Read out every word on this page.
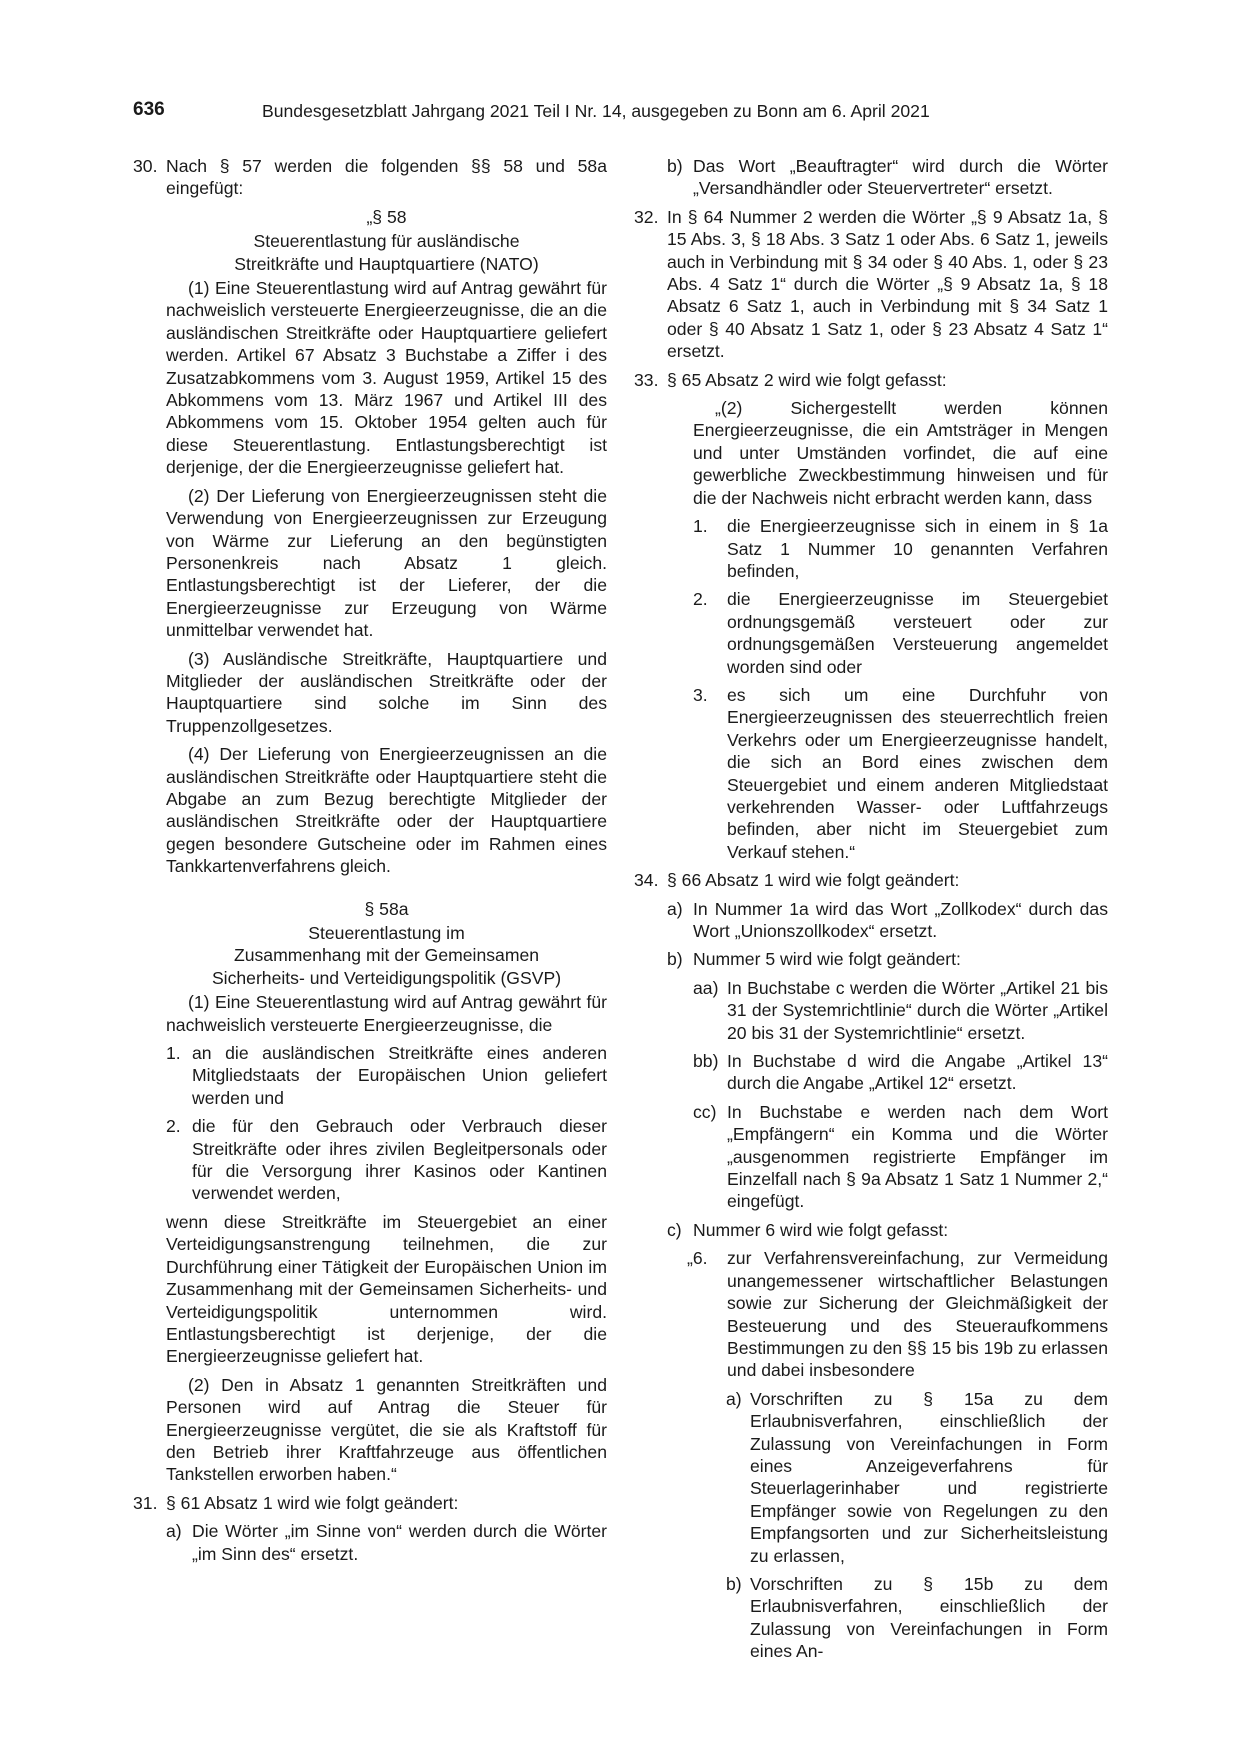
636	Bundesgesetzblatt Jahrgang 2021 Teil I Nr. 14, ausgegeben zu Bonn am 6. April 2021
30. Nach § 57 werden die folgenden §§ 58 und 58a eingefügt:
„§ 58
Steuerentlastung für ausländische
Streitkräfte und Hauptquartiere (NATO)
(1) Eine Steuerentlastung wird auf Antrag gewährt für nachweislich versteuerte Energieerzeugnisse, die an die ausländischen Streitkräfte oder Hauptquartiere geliefert werden. Artikel 67 Absatz 3 Buchstabe a Ziffer i des Zusatzabkommens vom 3. August 1959, Artikel 15 des Abkommens vom 13. März 1967 und Artikel III des Abkommens vom 15. Oktober 1954 gelten auch für diese Steuerentlastung. Entlastungsberechtigt ist derjenige, der die Energieerzeugnisse geliefert hat.
(2) Der Lieferung von Energieerzeugnissen steht die Verwendung von Energieerzeugnissen zur Erzeugung von Wärme zur Lieferung an den begünstigten Personenkreis nach Absatz 1 gleich. Entlastungsberechtigt ist der Lieferer, der die Energieerzeugnisse zur Erzeugung von Wärme unmittelbar verwendet hat.
(3) Ausländische Streitkräfte, Hauptquartiere und Mitglieder der ausländischen Streitkräfte oder der Hauptquartiere sind solche im Sinn des Truppenzollgesetzes.
(4) Der Lieferung von Energieerzeugnissen an die ausländischen Streitkräfte oder Hauptquartiere steht die Abgabe an zum Bezug berechtigte Mitglieder der ausländischen Streitkräfte oder der Hauptquartiere gegen besondere Gutscheine oder im Rahmen eines Tankkartenverfahrens gleich.
§ 58a
Steuerentlastung im
Zusammenhang mit der Gemeinsamen
Sicherheits- und Verteidigungspolitik (GSVP)
(1) Eine Steuerentlastung wird auf Antrag gewährt für nachweislich versteuerte Energieerzeugnisse, die
1. an die ausländischen Streitkräfte eines anderen Mitgliedstaats der Europäischen Union geliefert werden und
2. die für den Gebrauch oder Verbrauch dieser Streitkräfte oder ihres zivilen Begleitpersonals oder für die Versorgung ihrer Kasinos oder Kantinen verwendet werden,
wenn diese Streitkräfte im Steuergebiet an einer Verteidigungsanstrengung teilnehmen, die zur Durchführung einer Tätigkeit der Europäischen Union im Zusammenhang mit der Gemeinsamen Sicherheits- und Verteidigungspolitik unternommen wird. Entlastungsberechtigt ist derjenige, der die Energieerzeugnisse geliefert hat.
(2) Den in Absatz 1 genannten Streitkräften und Personen wird auf Antrag die Steuer für Energieerzeugnisse vergütet, die sie als Kraftstoff für den Betrieb ihrer Kraftfahrzeuge aus öffentlichen Tankstellen erworben haben.“
31. § 61 Absatz 1 wird wie folgt geändert:
a) Die Wörter „im Sinne von“ werden durch die Wörter „im Sinn des“ ersetzt.
b) Das Wort „Beauftragter“ wird durch die Wörter „Versandhändler oder Steuervertreter“ ersetzt.
32. In § 64 Nummer 2 werden die Wörter „§ 9 Absatz 1a, § 15 Abs. 3, § 18 Abs. 3 Satz 1 oder Abs. 6 Satz 1, jeweils auch in Verbindung mit § 34 oder § 40 Abs. 1, oder § 23 Abs. 4 Satz 1“ durch die Wörter „§ 9 Absatz 1a, § 18 Absatz 6 Satz 1, auch in Verbindung mit § 34 Satz 1 oder § 40 Absatz 1 Satz 1, oder § 23 Absatz 4 Satz 1“ ersetzt.
33. § 65 Absatz 2 wird wie folgt gefasst:
„(2) Sichergestellt werden können Energieerzeugnisse, die ein Amtsträger in Mengen und unter Umständen vorfindet, die auf eine gewerbliche Zweckbestimmung hinweisen und für die der Nachweis nicht erbracht werden kann, dass
1. die Energieerzeugnisse sich in einem in § 1a Satz 1 Nummer 10 genannten Verfahren befinden,
2. die Energieerzeugnisse im Steuergebiet ordnungsgemäß versteuert oder zur ordnungsgemäßen Versteuerung angemeldet worden sind oder
3. es sich um eine Durchfuhr von Energieerzeugnissen des steuerrechtlich freien Verkehrs oder um Energieerzeugnisse handelt, die sich an Bord eines zwischen dem Steuergebiet und einem anderen Mitgliedstaat verkehrenden Wasser- oder Luftfahrzeugs befinden, aber nicht im Steuergebiet zum Verkauf stehen.“
34. § 66 Absatz 1 wird wie folgt geändert:
a) In Nummer 1a wird das Wort „Zollkodex“ durch das Wort „Unionszollkodex“ ersetzt.
b) Nummer 5 wird wie folgt geändert:
aa) In Buchstabe c werden die Wörter „Artikel 21 bis 31 der Systemrichtlinie“ durch die Wörter „Artikel 20 bis 31 der Systemrichtlinie“ ersetzt.
bb) In Buchstabe d wird die Angabe „Artikel 13“ durch die Angabe „Artikel 12“ ersetzt.
cc) In Buchstabe e werden nach dem Wort „Empfängern“ ein Komma und die Wörter „ausgenommen registrierte Empfänger im Einzelfall nach § 9a Absatz 1 Satz 1 Nummer 2,“ eingefügt.
c) Nummer 6 wird wie folgt gefasst:
„6. zur Verfahrensvereinfachung, zur Vermeidung unangemessener wirtschaftlicher Belastungen sowie zur Sicherung der Gleichmäßigkeit der Besteuerung und des Steueraufkommens Bestimmungen zu den §§ 15 bis 19b zu erlassen und dabei insbesondere
a) Vorschriften zu § 15a zu dem Erlaubnisverfahren, einschließlich der Zulassung von Vereinfachungen in Form eines Anzeigeverfahrens für Steuerlagerinhaber und registrierte Empfänger sowie von Regelungen zu den Empfangsorten und zur Sicherheitsleistung zu erlassen,
b) Vorschriften zu § 15b zu dem Erlaubnisverfahren, einschließlich der Zulassung von Vereinfachungen in Form eines An-
